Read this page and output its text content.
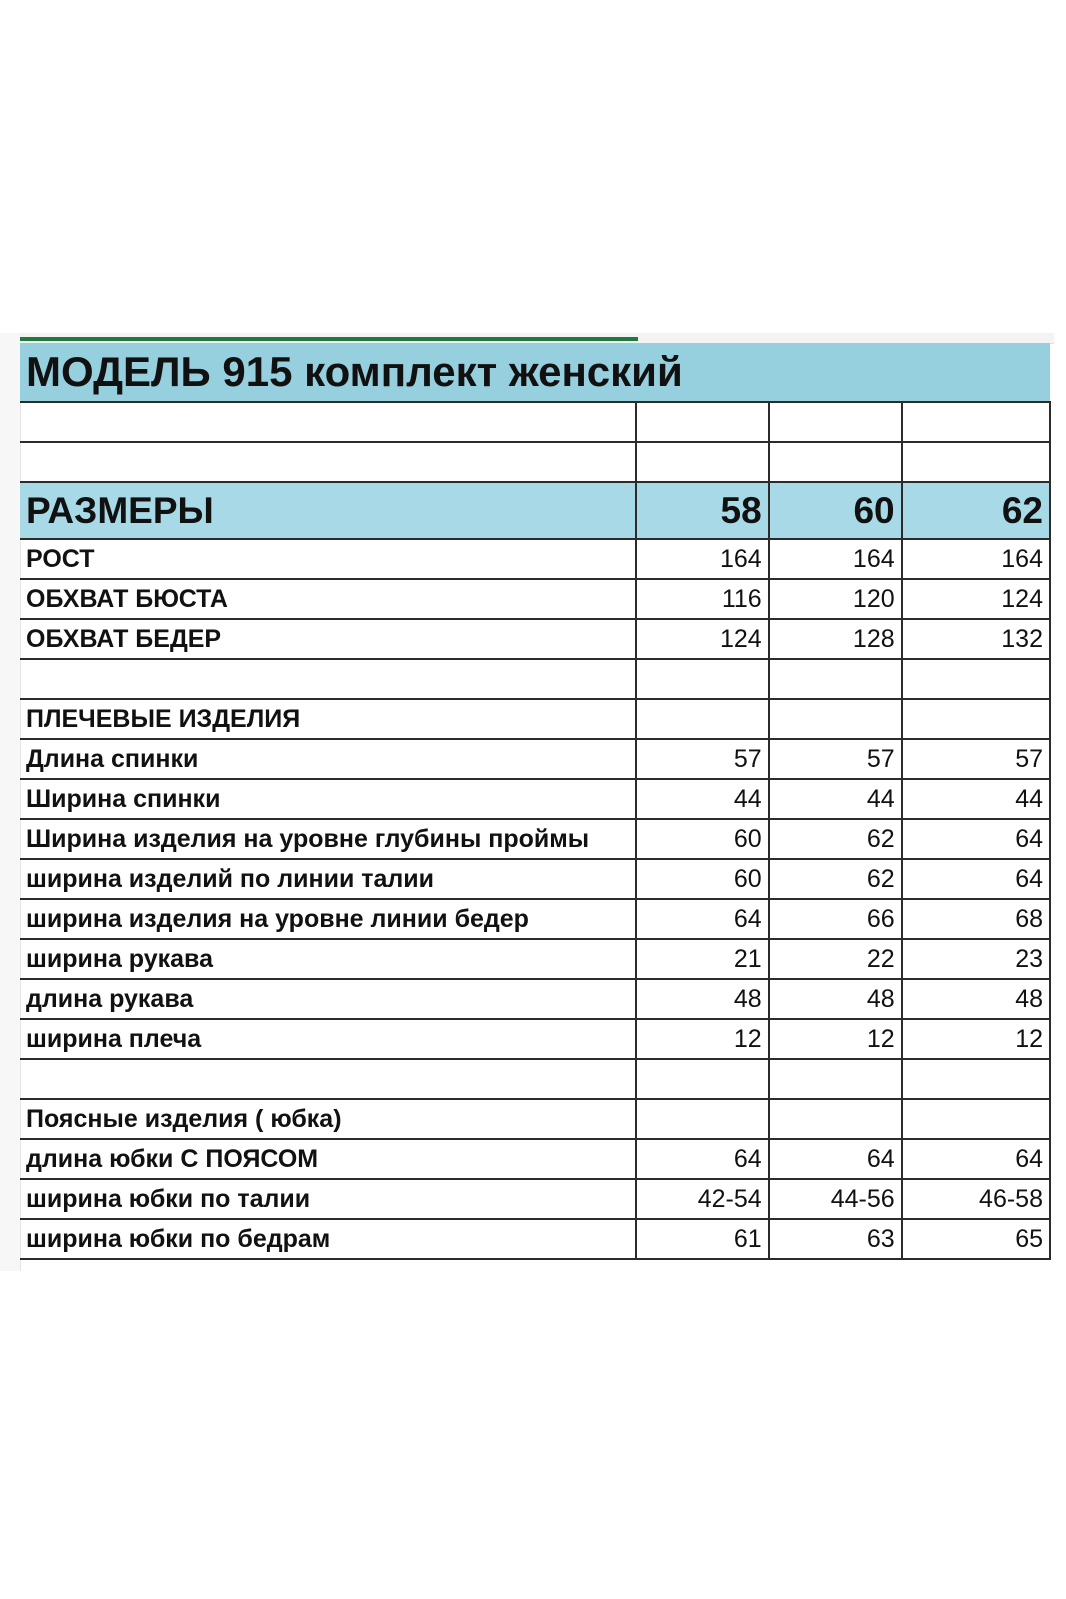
МОДЕЛЬ 915 комплект женский			

РАЗМЕРЫ	58	60	62
РОСТ	164	164	164
ОБХВАТ БЮСТА	116	120	124
ОБХВАТ БЕДЕР	124	128	132

ПЛЕЧЕВЫЕ ИЗДЕЛИЯ			
Длина спинки	57	57	57
Ширина спинки	44	44	44
Ширина изделия на уровне глубины проймы	60	62	64
ширина изделий по линии талии	60	62	64
ширина изделия на уровне линии бедер	64	66	68
ширина рукава	21	22	23
длина рукава	48	48	48
ширина плеча	12	12	12

Поясные изделия ( юбка)			
длина юбки С ПОЯСОМ	64	64	64
ширина юбки по талии	42-54	44-56	46-58
ширина юбки по бедрам	61	63	65
